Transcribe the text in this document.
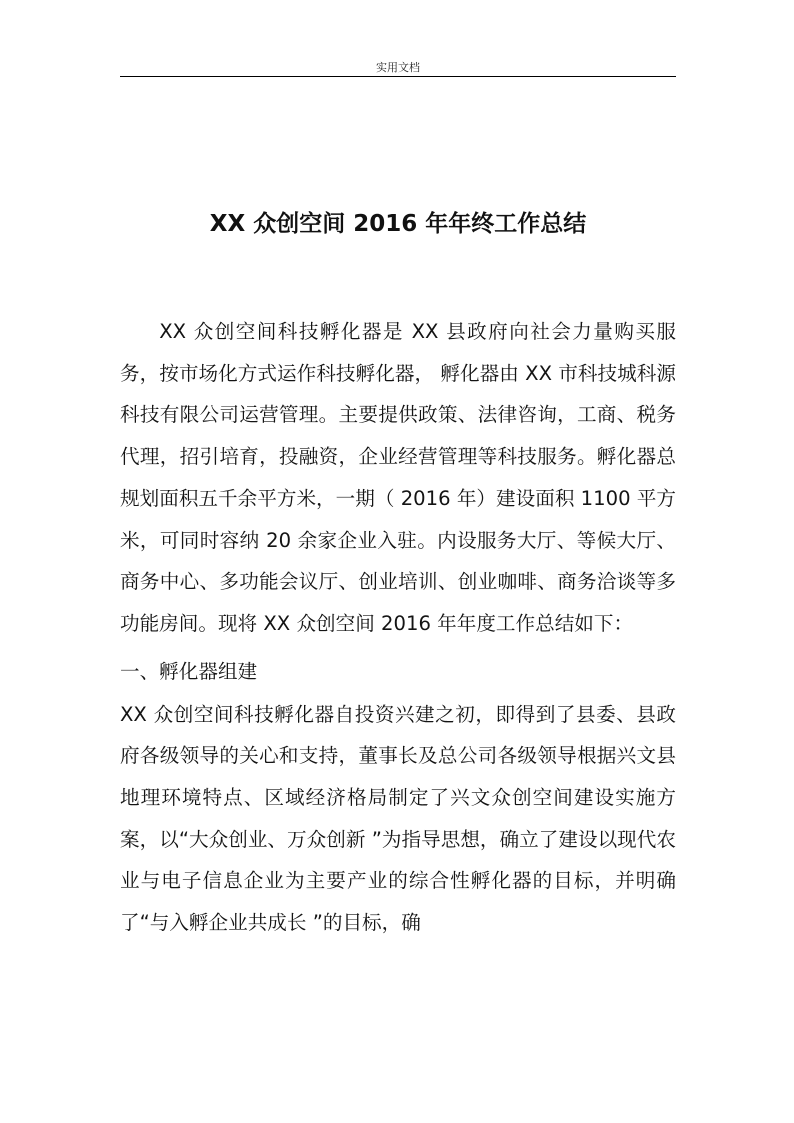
实用文档
XX 众创空间 2016 年年终工作总结

XX 众创空间科技孵化器是 XX 县政府向社会力量购买服务，按市场化方式运作科技孵化器， 孵化器由 XX 市科技城科源科技有限公司运营管理。主要提供政策、法律咨询，工商、税务代理，招引培育，投融资，企业经营管理等科技服务。孵化器总规划面积五千余平方米，一期（ 2016 年）建设面积 1100 平方米，可同时容纳 20 余家企业入驻。内设服务大厅、等候大厅、商务中心、多功能会议厅、创业培训、创业咖啡、商务洽谈等多功能房间。现将 XX 众创空间 2016 年年度工作总结如下：

一、孵化器组建

XX 众创空间科技孵化器自投资兴建之初，即得到了县委、县政府各级领导的关心和支持，董事长及总公司各级领导根据兴文县地理环境特点、区域经济格局制定了兴文众创空间建设实施方案，以“大众创业、万众创新 ”为指导思想，确立了建设以现代农业与电子信息企业为主要产业的综合性孵化器的目标，并明确了“与入孵企业共成长 ”的目标，确
